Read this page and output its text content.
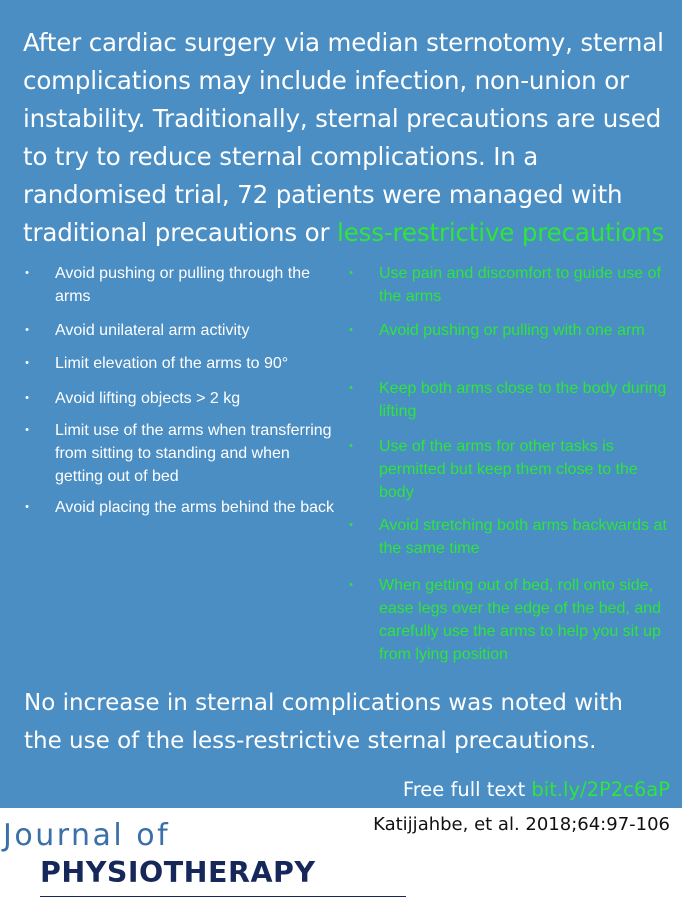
After cardiac surgery via median sternotomy, sternal
complications may include infection, non-union or
instability. Traditionally, sternal precautions are used
to try to reduce sternal complications. In a
randomised trial, 72 patients were managed with
traditional precautions or less-restrictive precautions

•	Avoid pushing or pulling through the arms
•	Avoid unilateral arm activity
•	Limit elevation of the arms to 90°
•	Avoid lifting objects > 2 kg
•	Limit use of the arms when transferring from sitting to standing and when getting out of bed
•	Avoid placing the arms behind the back
•	Use pain and discomfort to guide use of the arms
•	Avoid pushing or pulling with one arm
•	Keep both arms close to the body during lifting
•	Use of the arms for other tasks is permitted but keep them close to the body
•	Avoid stretching both arms backwards at the same time
•	When getting out of bed, roll onto side, ease legs over the edge of the bed, and carefully use the arms to help you sit up from lying position

No increase in sternal complications was noted with
the use of the less-restrictive sternal precautions.

Free full text bit.ly/2P2c6aP
Katijjahbe, et al. 2018;64:97-106
Journal of
PHYSIOTHERAPY
